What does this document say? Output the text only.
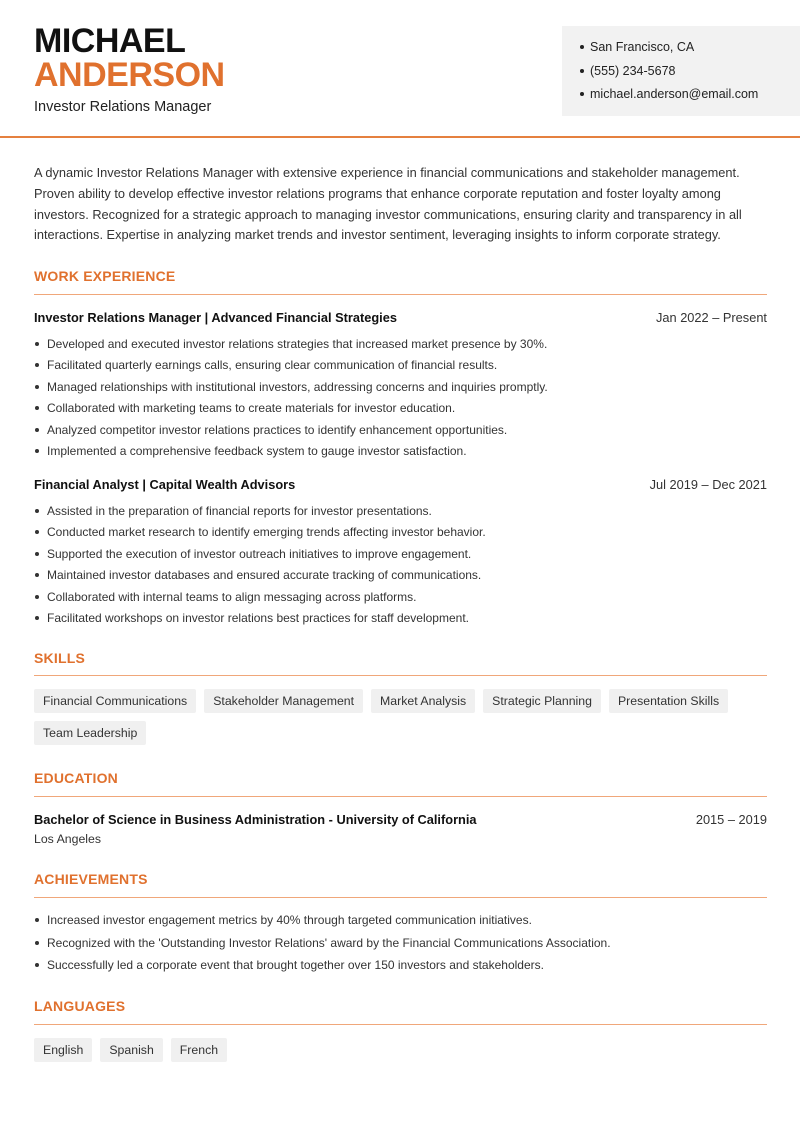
MICHAEL
ANDERSON
Investor Relations Manager
San Francisco, CA
(555) 234-5678
michael.anderson@email.com
A dynamic Investor Relations Manager with extensive experience in financial communications and stakeholder management. Proven ability to develop effective investor relations programs that enhance corporate reputation and foster loyalty among investors. Recognized for a strategic approach to managing investor communications, ensuring clarity and transparency in all interactions. Expertise in analyzing market trends and investor sentiment, leveraging insights to inform corporate strategy.
WORK EXPERIENCE
Investor Relations Manager | Advanced Financial Strategies	Jan 2022 – Present
Developed and executed investor relations strategies that increased market presence by 30%.
Facilitated quarterly earnings calls, ensuring clear communication of financial results.
Managed relationships with institutional investors, addressing concerns and inquiries promptly.
Collaborated with marketing teams to create materials for investor education.
Analyzed competitor investor relations practices to identify enhancement opportunities.
Implemented a comprehensive feedback system to gauge investor satisfaction.
Financial Analyst | Capital Wealth Advisors	Jul 2019 – Dec 2021
Assisted in the preparation of financial reports for investor presentations.
Conducted market research to identify emerging trends affecting investor behavior.
Supported the execution of investor outreach initiatives to improve engagement.
Maintained investor databases and ensured accurate tracking of communications.
Collaborated with internal teams to align messaging across platforms.
Facilitated workshops on investor relations best practices for staff development.
SKILLS
Financial Communications	Stakeholder Management	Market Analysis	Strategic Planning	Presentation Skills
Team Leadership
EDUCATION
Bachelor of Science in Business Administration - University of California	2015 – 2019
Los Angeles
ACHIEVEMENTS
Increased investor engagement metrics by 40% through targeted communication initiatives.
Recognized with the 'Outstanding Investor Relations' award by the Financial Communications Association.
Successfully led a corporate event that brought together over 150 investors and stakeholders.
LANGUAGES
English	Spanish	French
